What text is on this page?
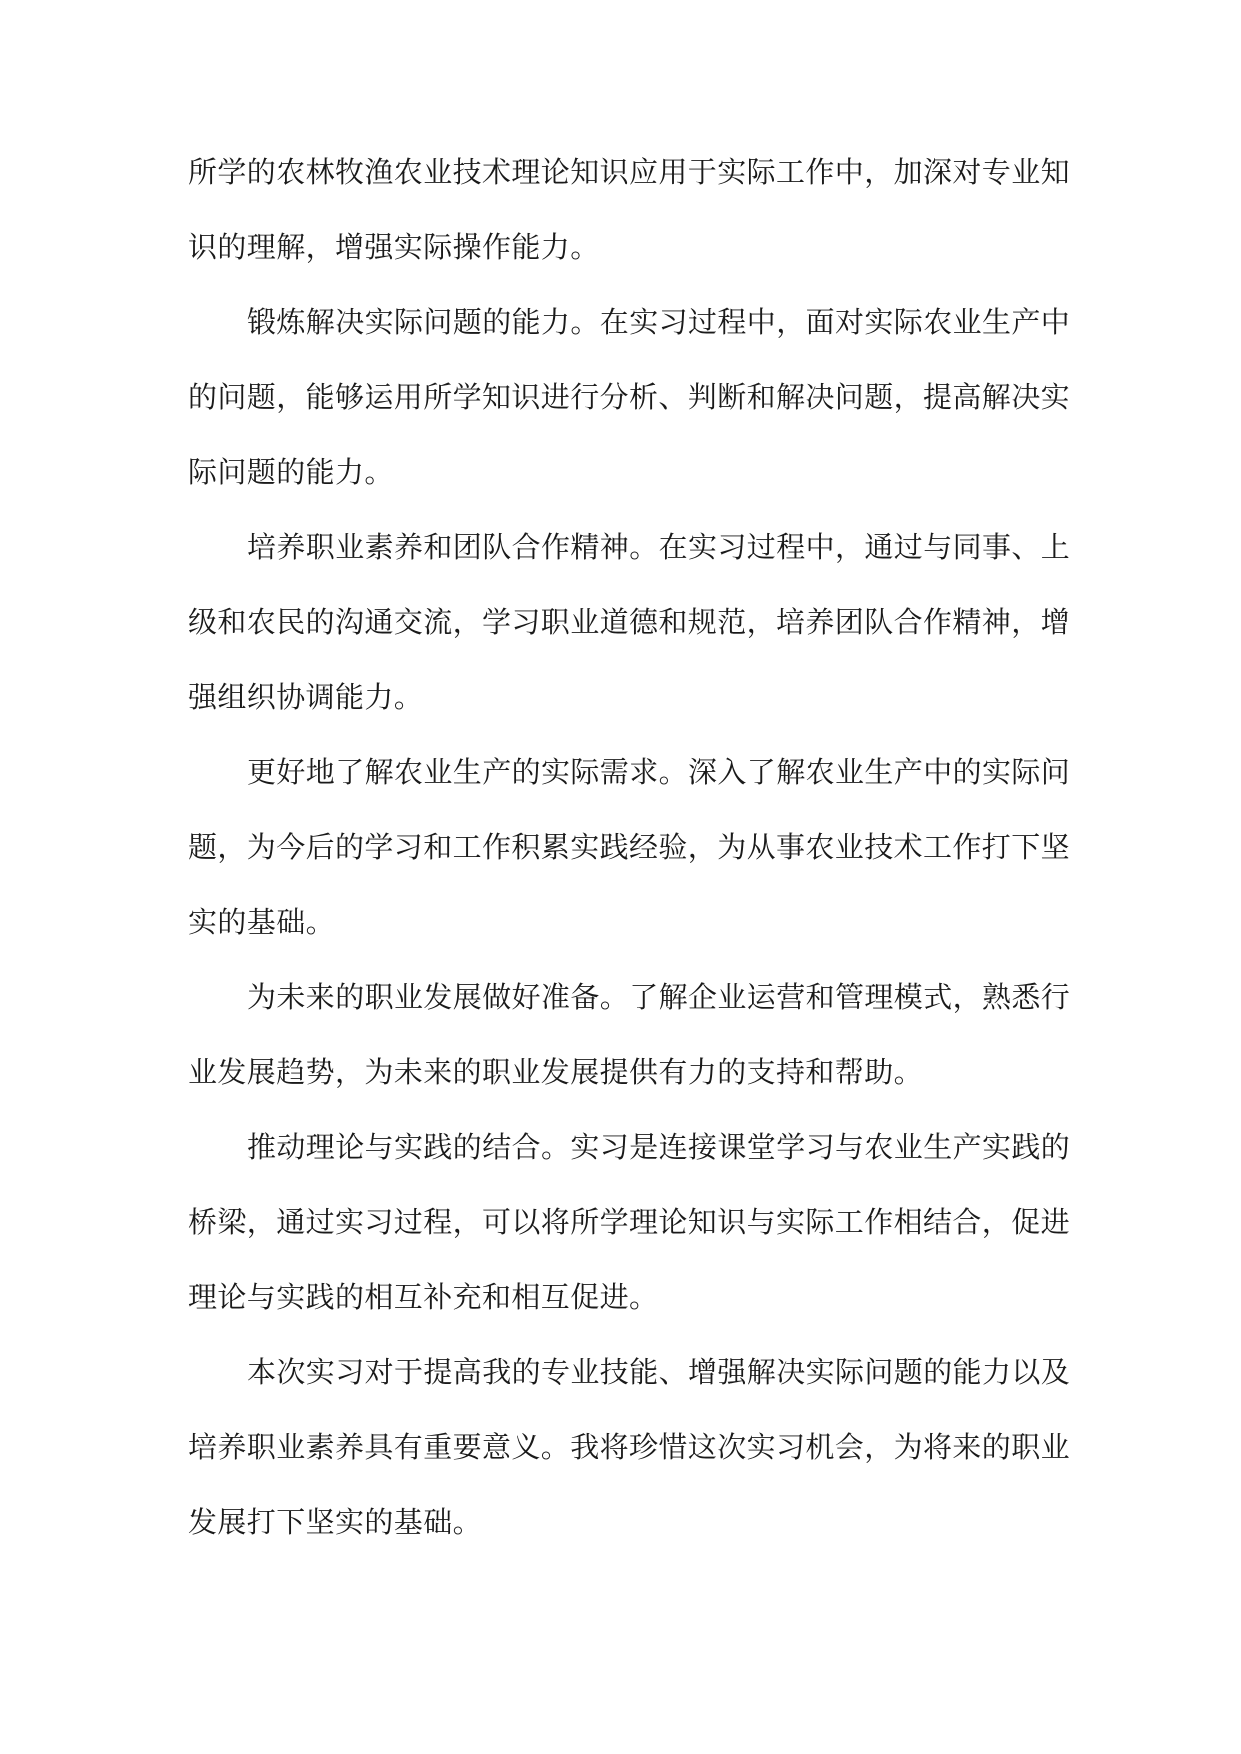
所学的农林牧渔农业技术理论知识应用于实际工作中，加深对专业知
识的理解，增强实际操作能力。
锻炼解决实际问题的能力。在实习过程中，面对实际农业生产中
的问题，能够运用所学知识进行分析、判断和解决问题，提高解决实
际问题的能力。
培养职业素养和团队合作精神。在实习过程中，通过与同事、上
级和农民的沟通交流，学习职业道德和规范，培养团队合作精神，增
强组织协调能力。
更好地了解农业生产的实际需求。深入了解农业生产中的实际问
题，为今后的学习和工作积累实践经验，为从事农业技术工作打下坚
实的基础。
为未来的职业发展做好准备。了解企业运营和管理模式，熟悉行
业发展趋势，为未来的职业发展提供有力的支持和帮助。
推动理论与实践的结合。实习是连接课堂学习与农业生产实践的
桥梁，通过实习过程，可以将所学理论知识与实际工作相结合，促进
理论与实践的相互补充和相互促进。
本次实习对于提高我的专业技能、增强解决实际问题的能力以及
培养职业素养具有重要意义。我将珍惜这次实习机会，为将来的职业
发展打下坚实的基础。
